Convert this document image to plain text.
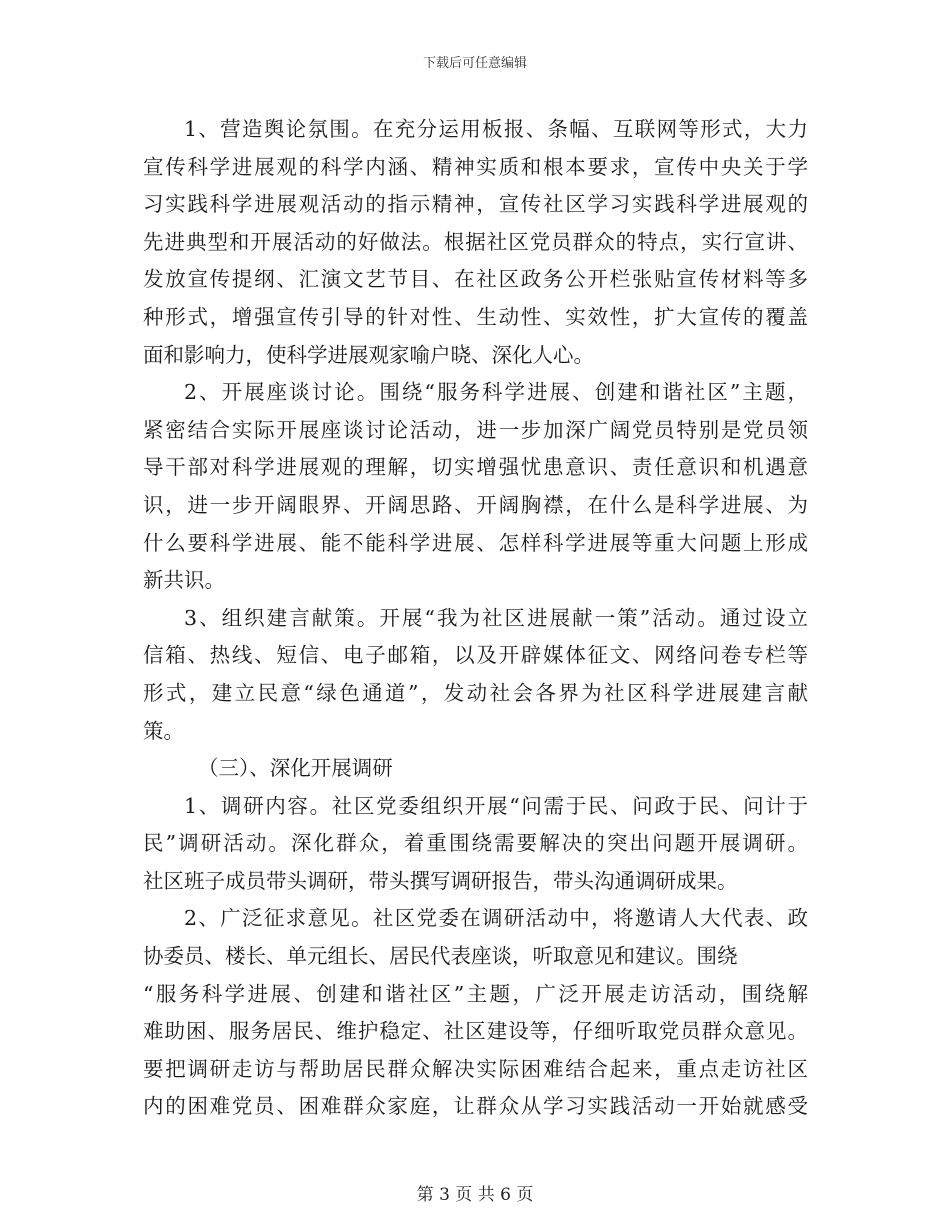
下载后可任意编辑
1、营造舆论氛围。在充分运用板报、条幅、互联网等形式，大力
宣传科学进展观的科学内涵、精神实质和根本要求，宣传中央关于学
习实践科学进展观活动的指示精神，宣传社区学习实践科学进展观的
先进典型和开展活动的好做法。根据社区党员群众的特点，实行宣讲、
发放宣传提纲、汇演文艺节目、在社区政务公开栏张贴宣传材料等多
种形式，增强宣传引导的针对性、生动性、实效性，扩大宣传的覆盖
面和影响力，使科学进展观家喻户晓、深化人心。
2、开展座谈讨论。围绕“服务科学进展、创建和谐社区”主题，
紧密结合实际开展座谈讨论活动，进一步加深广阔党员特别是党员领
导干部对科学进展观的理解，切实增强忧患意识、责任意识和机遇意
识，进一步开阔眼界、开阔思路、开阔胸襟，在什么是科学进展、为
什么要科学进展、能不能科学进展、怎样科学进展等重大问题上形成
新共识。
3、组织建言献策。开展“我为社区进展献一策”活动。通过设立
信箱、热线、短信、电子邮箱，以及开辟媒体征文、网络问卷专栏等
形式，建立民意“绿色通道”，发动社会各界为社区科学进展建言献
策。
（三）、深化开展调研
1、调研内容。社区党委组织开展“问需于民、问政于民、问计于
民”调研活动。深化群众，着重围绕需要解决的突出问题开展调研。
社区班子成员带头调研，带头撰写调研报告，带头沟通调研成果。
2、广泛征求意见。社区党委在调研活动中，将邀请人大代表、政
协委员、楼长、单元组长、居民代表座谈，听取意见和建议。围绕
“服务科学进展、创建和谐社区”主题，广泛开展走访活动，围绕解
难助困、服务居民、维护稳定、社区建设等，仔细听取党员群众意见。
要把调研走访与帮助居民群众解决实际困难结合起来，重点走访社区
内的困难党员、困难群众家庭，让群众从学习实践活动一开始就感受
第 3 页 共 6 页
